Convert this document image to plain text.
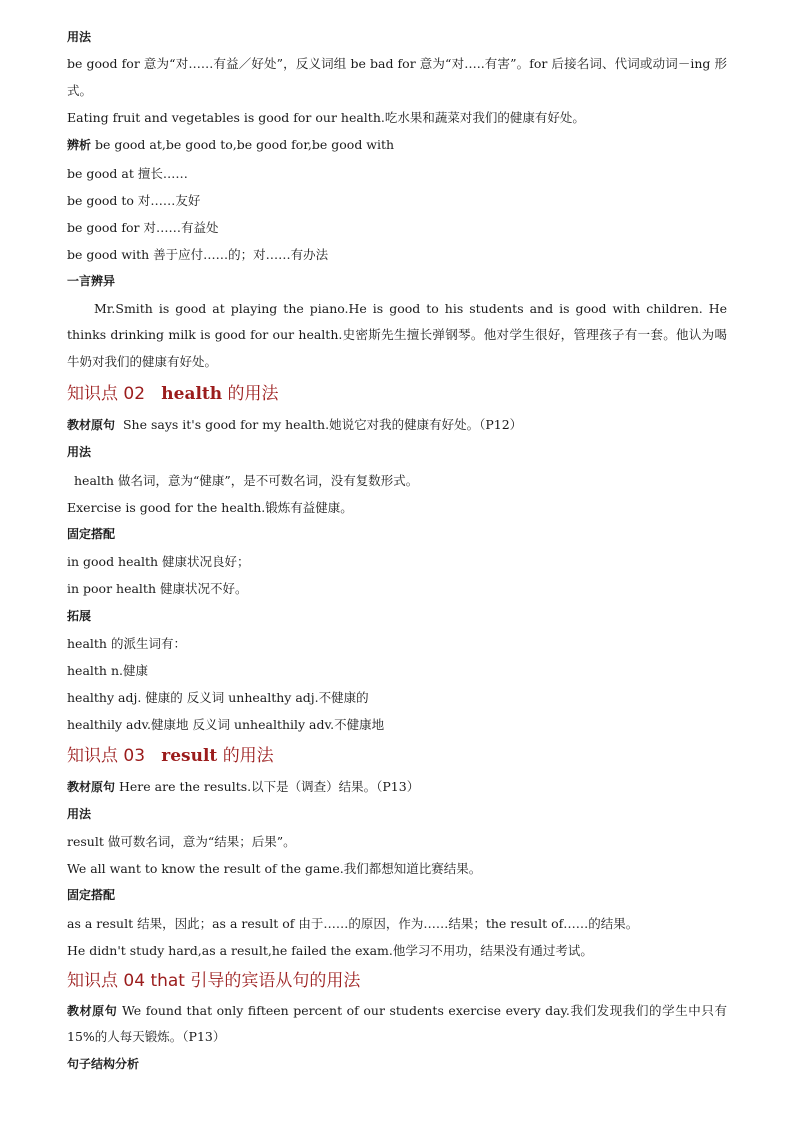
用法

be good for 意为“对……有益／好处”，反义词组 be bad for 意为“对…..有害”。for 后接名词、代词或动词－ing 形式。

Eating fruit and vegetables is good for our health.吃水果和蔬菜对我们的健康有好处。

辨析 be good at,be good to,be good for,be good with

be good at 擅长……

be good to 对……友好

be good for 对……有益处

be good with 善于应付……的；对……有办法

一言辨异

Mr.Smith is good at playing the piano.He is good to his students and is good with children. He thinks drinking milk is good for our health.史密斯先生擅长弹钢琴。他对学生很好，管理孩子有一套。他认为喝牛奶对我们的健康有好处。

知识点 02 health 的用法

教材原句 She says it's good for my health.她说它对我的健康有好处。（P12）

用法

health 做名词，意为“健康”，是不可数名词，没有复数形式。

Exercise is good for the health.锻炼有益健康。

固定搭配

in good health 健康状况良好；

in poor health 健康状况不好。

拓展

health 的派生词有：

health n.健康

healthy adj. 健康的 反义词 unhealthy adj.不健康的

healthily adv.健康地 反义词 unhealthily adv.不健康地

知识点 03 result 的用法

教材原句 Here are the results.以下是（调查）结果。（P13）

用法

result 做可数名词，意为“结果；后果”。

We all want to know the result of the game.我们都想知道比赛结果。

固定搭配

as a result 结果，因此；as a result of 由于……的原因，作为……结果；the result of……的结果。

He didn't study hard,as a result,he failed the exam.他学习不用功，结果没有通过考试。

知识点 04 that 引导的宾语从句的用法

教材原句 We found that only fifteen percent of our students exercise every day.我们发现我们的学生中只有 15%的人每天锻炼。（P13）

句子结构分析
